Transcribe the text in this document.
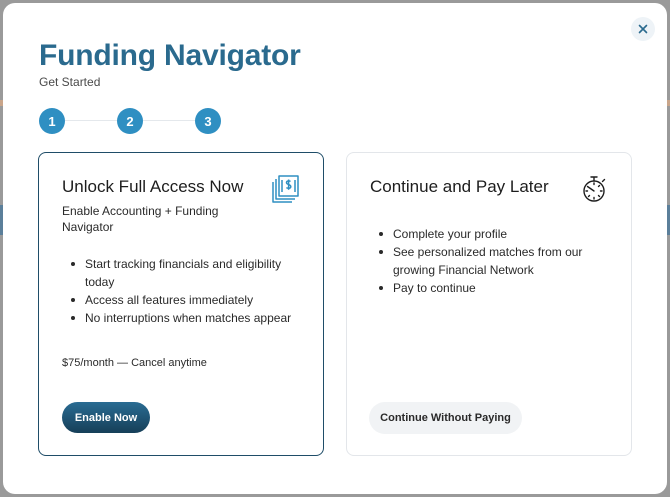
Funding Navigator
Get Started
1	2	3
Unlock Full Access Now
Enable Accounting + Funding Navigator
Start tracking financials and eligibility today
Access all features immediately
No interruptions when matches appear
$75/month — Cancel anytime
Enable Now
Continue and Pay Later
Complete your profile
See personalized matches from our growing Financial Network
Pay to continue
Continue Without Paying
